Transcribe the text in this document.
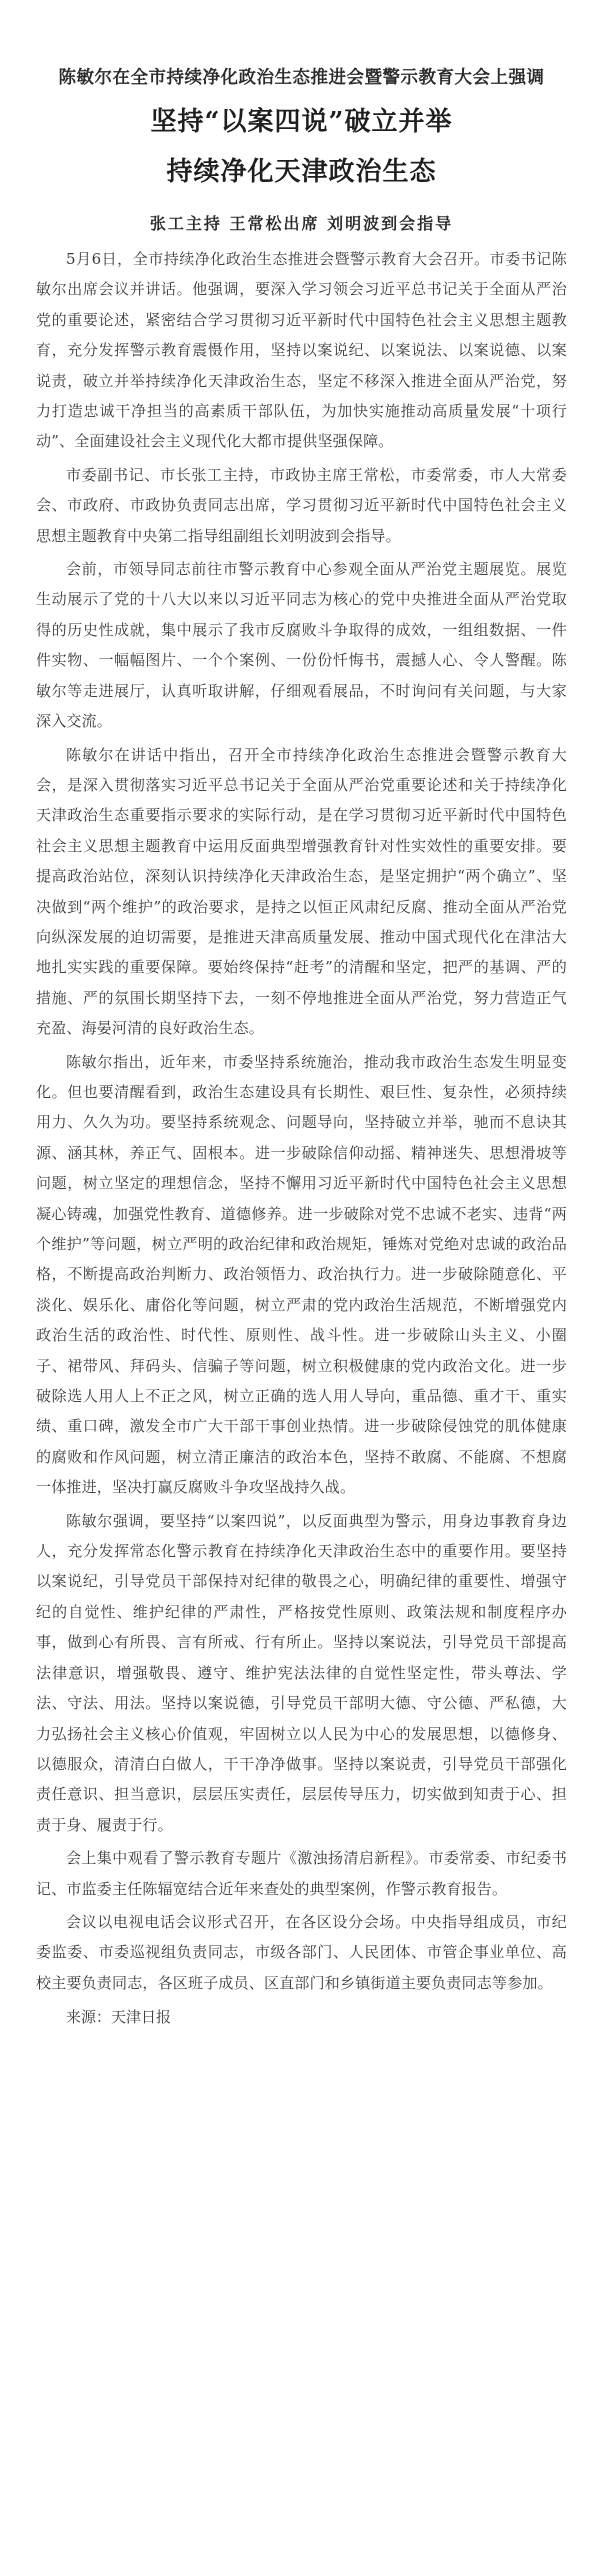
陈敏尔在全市持续净化政治生态推进会暨警示教育大会上强调
坚持“以案四说”破立并举
持续净化天津政治生态
张工主持 王常松出席 刘明波到会指导

5月6日，全市持续净化政治生态推进会暨警示教育大会召开。市委书记陈敏尔出席会议并讲话。他强调，要深入学习领会习近平总书记关于全面从严治党的重要论述，紧密结合学习贯彻习近平新时代中国特色社会主义思想主题教育，充分发挥警示教育震慑作用，坚持以案说纪、以案说法、以案说德、以案说责，破立并举持续净化天津政治生态，坚定不移深入推进全面从严治党，努力打造忠诚干净担当的高素质干部队伍，为加快实施推动高质量发展“十项行动”、全面建设社会主义现代化大都市提供坚强保障。

市委副书记、市长张工主持，市政协主席王常松，市委常委，市人大常委会、市政府、市政协负责同志出席，学习贯彻习近平新时代中国特色社会主义思想主题教育中央第二指导组副组长刘明波到会指导。

会前，市领导同志前往市警示教育中心参观全面从严治党主题展览。展览生动展示了党的十八大以来以习近平同志为核心的党中央推进全面从严治党取得的历史性成就，集中展示了我市反腐败斗争取得的成效，一组组数据、一件件实物、一幅幅图片、一个个案例、一份份忏悔书，震撼人心、令人警醒。陈敏尔等走进展厅，认真听取讲解，仔细观看展品，不时询问有关问题，与大家深入交流。

陈敏尔在讲话中指出，召开全市持续净化政治生态推进会暨警示教育大会，是深入贯彻落实习近平总书记关于全面从严治党重要论述和关于持续净化天津政治生态重要指示要求的实际行动，是在学习贯彻习近平新时代中国特色社会主义思想主题教育中运用反面典型增强教育针对性实效性的重要安排。要提高政治站位，深刻认识持续净化天津政治生态，是坚定拥护“两个确立”、坚决做到“两个维护”的政治要求，是持之以恒正风肃纪反腐、推动全面从严治党向纵深发展的迫切需要，是推进天津高质量发展、推动中国式现代化在津沽大地扎实实践的重要保障。要始终保持“赶考”的清醒和坚定，把严的基调、严的措施、严的氛围长期坚持下去，一刻不停地推进全面从严治党，努力营造正气充盈、海晏河清的良好政治生态。

陈敏尔指出，近年来，市委坚持系统施治，推动我市政治生态发生明显变化。但也要清醒看到，政治生态建设具有长期性、艰巨性、复杂性，必须持续用力、久久为功。要坚持系统观念、问题导向，坚持破立并举，驰而不息诀其源、涵其林，养正气、固根本。进一步破除信仰动摇、精神迷失、思想滑坡等问题，树立坚定的理想信念，坚持不懈用习近平新时代中国特色社会主义思想凝心铸魂，加强党性教育、道德修养。进一步破除对党不忠诚不老实、违背“两个维护”等问题，树立严明的政治纪律和政治规矩，锤炼对党绝对忠诚的政治品格，不断提高政治判断力、政治领悟力、政治执行力。进一步破除随意化、平淡化、娱乐化、庸俗化等问题，树立严肃的党内政治生活规范，不断增强党内政治生活的政治性、时代性、原则性、战斗性。进一步破除山头主义、小圈子、裙带风、拜码头、信骗子等问题，树立积极健康的党内政治文化。进一步破除选人用人上不正之风，树立正确的选人用人导向，重品德、重才干、重实绩、重口碑，激发全市广大干部干事创业热情。进一步破除侵蚀党的肌体健康的腐败和作风问题，树立清正廉洁的政治本色，坚持不敢腐、不能腐、不想腐一体推进，坚决打赢反腐败斗争攻坚战持久战。

陈敏尔强调，要坚持“以案四说”，以反面典型为警示，用身边事教育身边人，充分发挥常态化警示教育在持续净化天津政治生态中的重要作用。要坚持以案说纪，引导党员干部保持对纪律的敬畏之心，明确纪律的重要性、增强守纪的自觉性、维护纪律的严肃性，严格按党性原则、政策法规和制度程序办事，做到心有所畏、言有所戒、行有所止。坚持以案说法，引导党员干部提高法律意识，增强敬畏、遵守、维护宪法法律的自觉性坚定性，带头尊法、学法、守法、用法。坚持以案说德，引导党员干部明大德、守公德、严私德，大力弘扬社会主义核心价值观，牢固树立以人民为中心的发展思想，以德修身、以德服众，清清白白做人，干干净净做事。坚持以案说责，引导党员干部强化责任意识、担当意识，层层压实责任，层层传导压力，切实做到知责于心、担责于身、履责于行。

会上集中观看了警示教育专题片《激浊扬清启新程》。市委常委、市纪委书记、市监委主任陈辐宽结合近年来查处的典型案例，作警示教育报告。

会议以电视电话会议形式召开，在各区设分会场。中央指导组成员，市纪委监委、市委巡视组负责同志，市级各部门、人民团体、市管企事业单位、高校主要负责同志，各区班子成员、区直部门和乡镇街道主要负责同志等参加。

来源：天津日报
